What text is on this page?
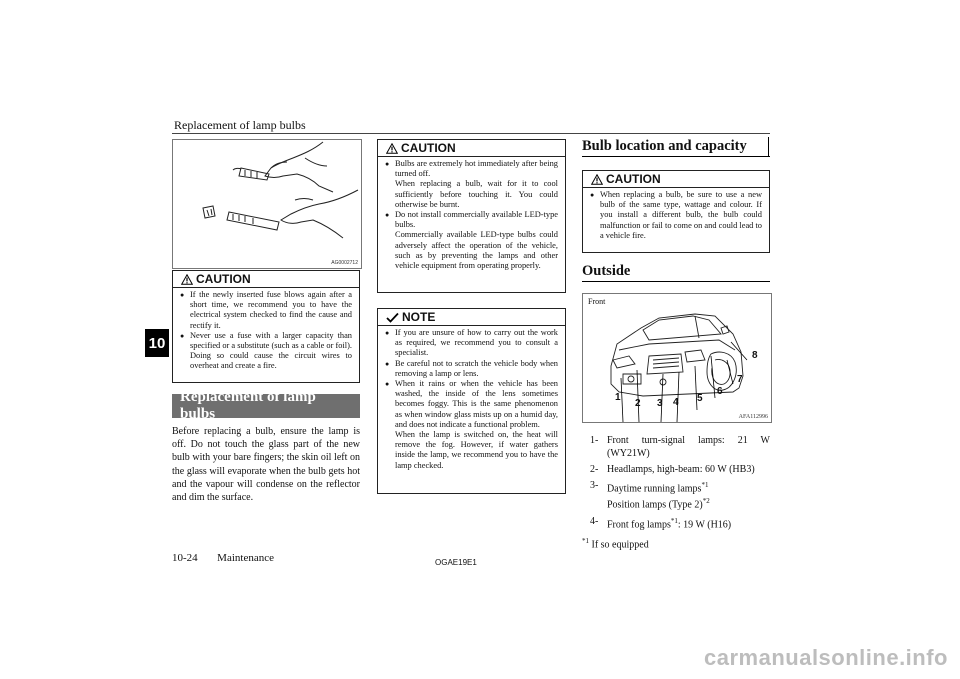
Replacement of lamp bulbs
10
AG0002712
CAUTION
● If the newly inserted fuse blows again after a short time, we recommend you to have the electrical system checked to find the cause and rectify it.
● Never use a fuse with a larger capacity than specified or a substitute (such as a cable or foil). Doing so could cause the circuit wires to overheat and create a fire.
Replacement of lamp bulbs
Before replacing a bulb, ensure the lamp is off. Do not touch the glass part of the new bulb with your bare fingers; the skin oil left on the glass will evaporate when the bulb gets hot and the vapour will condense on the reflector and dim the surface.
CAUTION
● Bulbs are extremely hot immediately after being turned off.
When replacing a bulb, wait for it to cool sufficiently before touching it. You could otherwise be burnt.
● Do not install commercially available LED-type bulbs.
Commercially available LED-type bulbs could adversely affect the operation of the vehicle, such as by preventing the lamps and other vehicle equipment from operating properly.
NOTE
● If you are unsure of how to carry out the work as required, we recommend you to consult a specialist.
● Be careful not to scratch the vehicle body when removing a lamp or lens.
● When it rains or when the vehicle has been washed, the inside of the lens sometimes becomes foggy. This is the same phenomenon as when window glass mists up on a humid day, and does not indicate a functional problem.
When the lamp is switched on, the heat will remove the fog. However, if water gathers inside the lamp, we recommend you to have the lamp checked.
Bulb location and capacity
CAUTION
● When replacing a bulb, be sure to use a new bulb of the same type, wattage and colour. If you install a different bulb, the bulb could malfunction or fail to come on and could lead to a vehicle fire.
Outside
Front
1
2 3 4 5
6
7
8
AFA112996
1- Front turn-signal lamps: 21 W (WY21W)
2- Headlamps, high-beam: 60 W (HB3)
3- Daytime running lamps$^{*1}$
Position lamps (Type 2)$^{*2}$
4- Front fog lamps$^{*1}$: 19 W (H16)
$^{*1}$ If so equipped
10-24 Maintenance	OGAE19E1
carmanualsonline.info
